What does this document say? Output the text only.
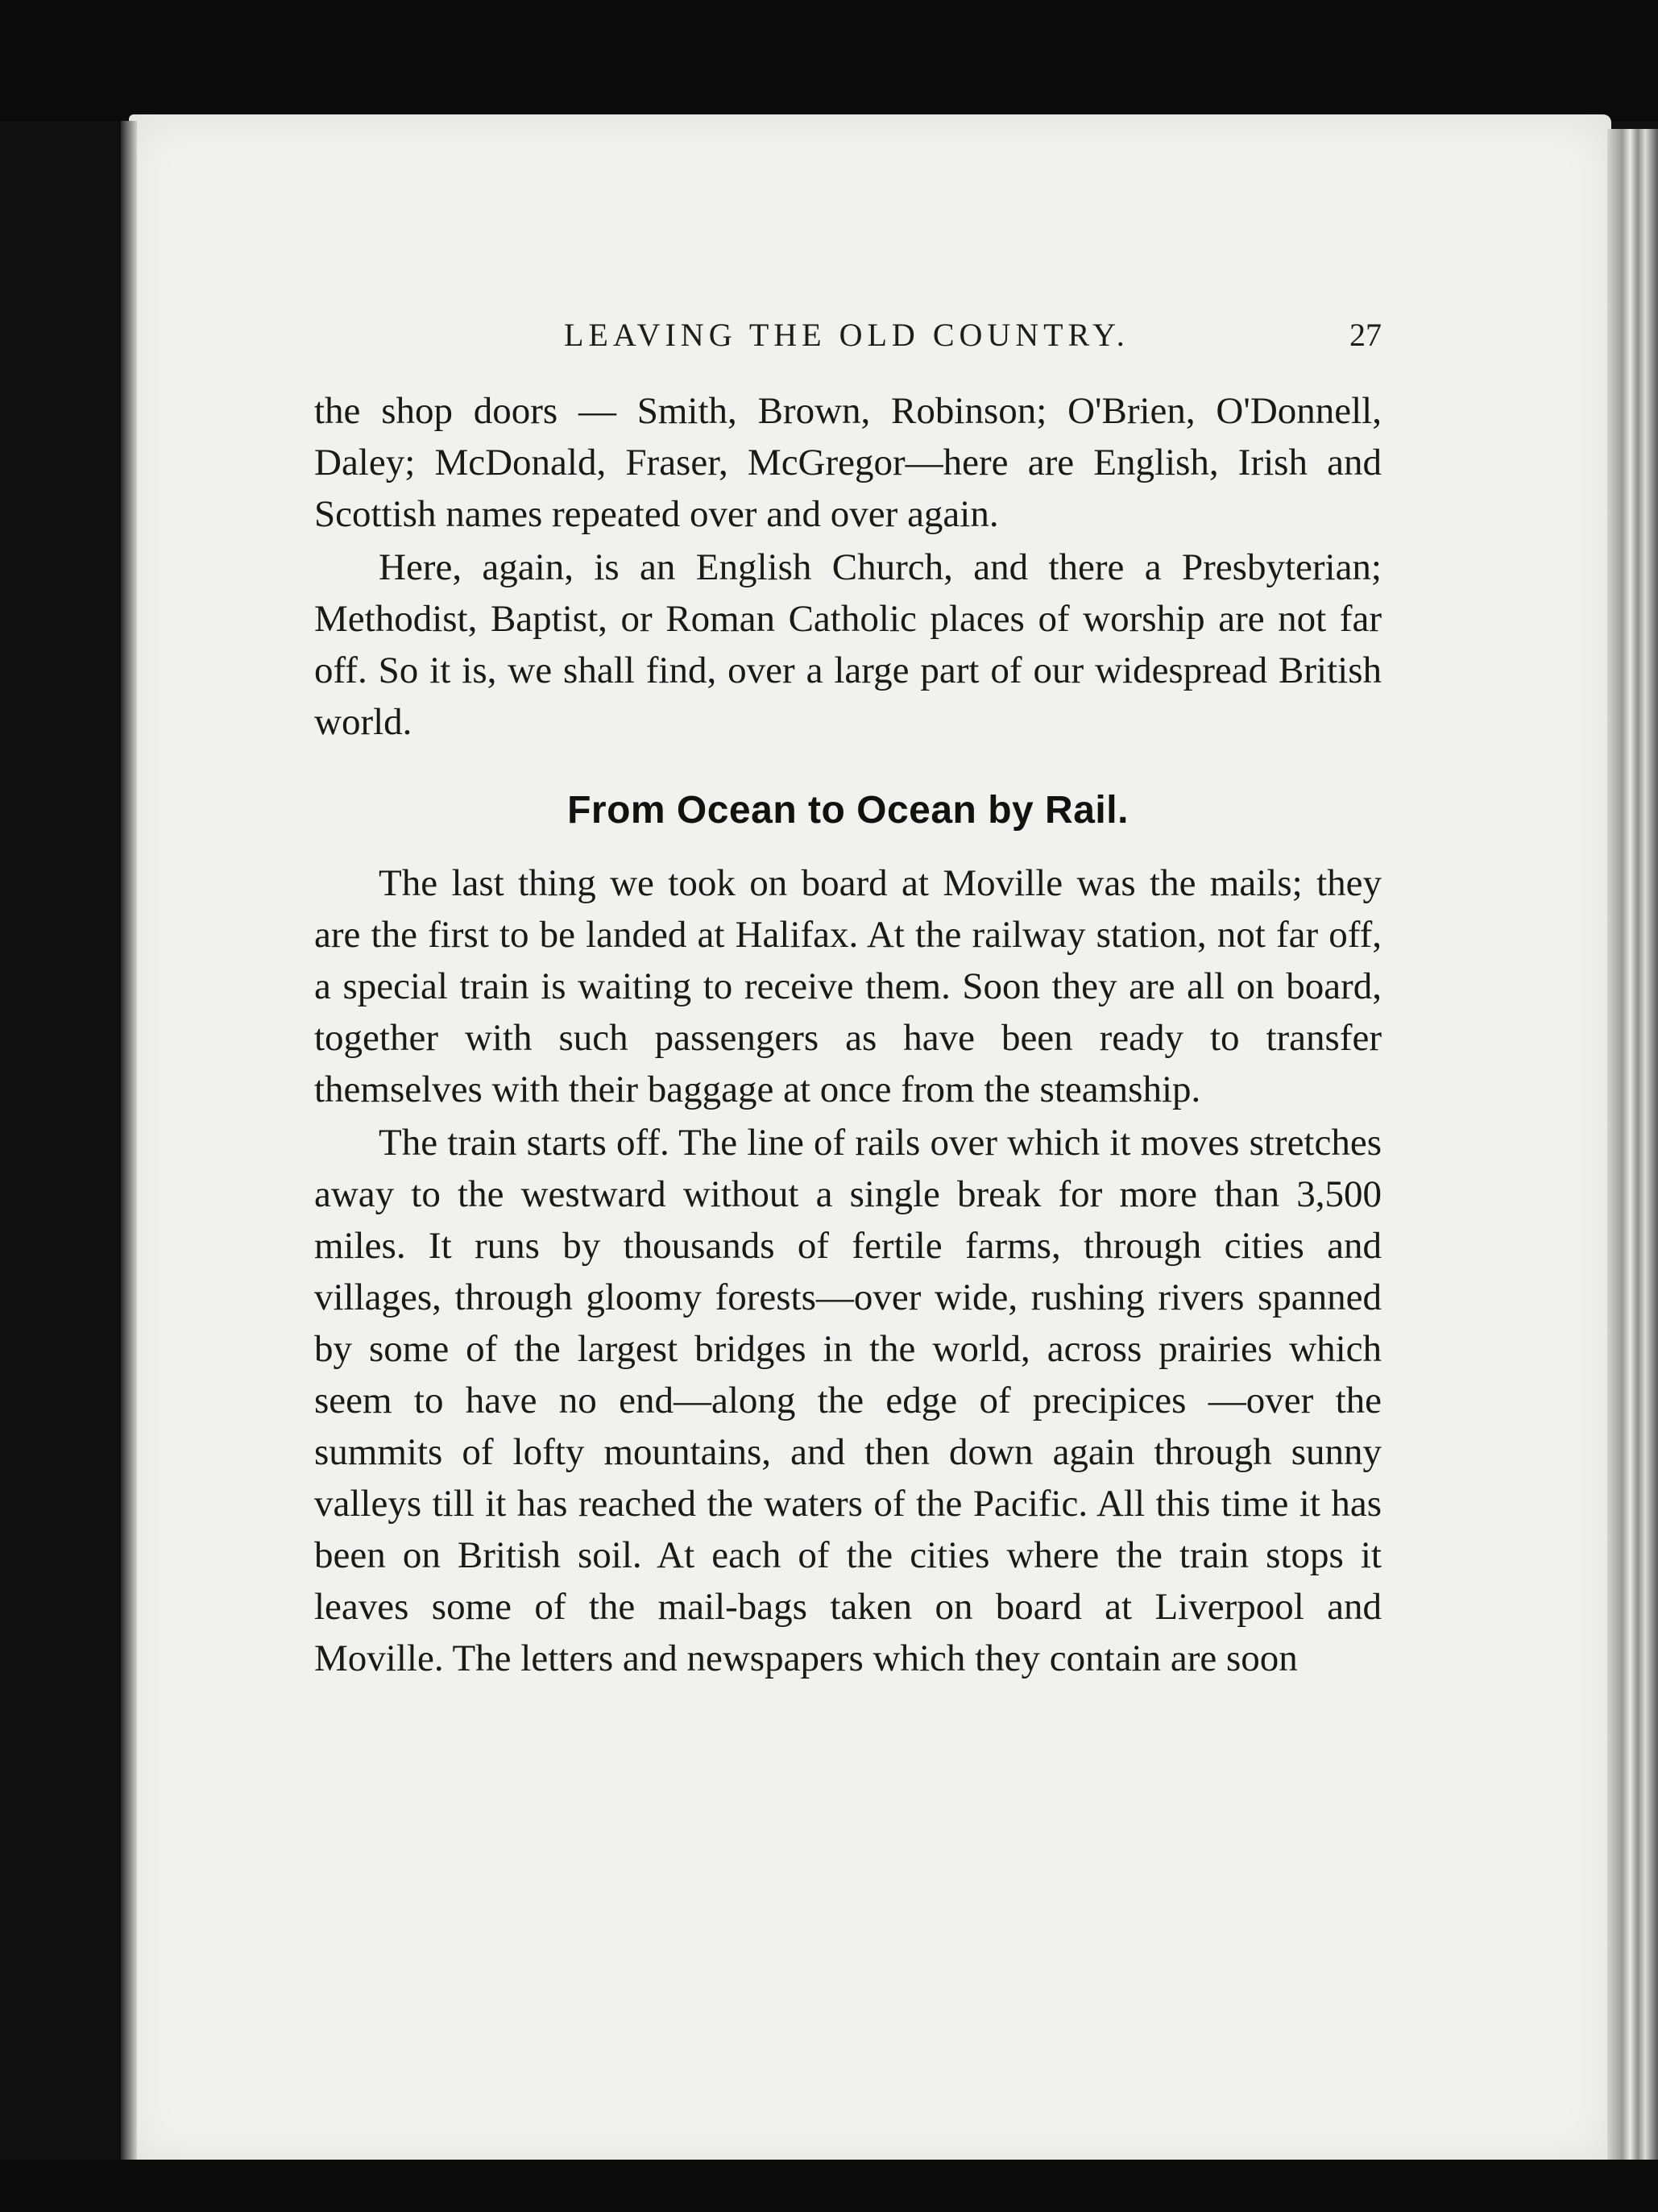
LEAVING THE OLD COUNTRY.	27

the shop doors — Smith, Brown, Robinson; O'Brien, O'Donnell, Daley; McDonald, Fraser, McGregor—here are English, Irish and Scottish names repeated over and over again.

Here, again, is an English Church, and there a Presbyterian; Methodist, Baptist, or Roman Catholic places of worship are not far off. So it is, we shall find, over a large part of our widespread British world.

From Ocean to Ocean by Rail.

The last thing we took on board at Moville was the mails; they are the first to be landed at Halifax. At the railway station, not far off, a special train is waiting to receive them. Soon they are all on board, together with such passengers as have been ready to transfer themselves with their baggage at once from the steamship.

The train starts off. The line of rails over which it moves stretches away to the westward without a single break for more than 3,500 miles. It runs by thousands of fertile farms, through cities and villages, through gloomy forests—over wide, rushing rivers spanned by some of the largest bridges in the world, across prairies which seem to have no end—along the edge of precipices —over the summits of lofty mountains, and then down again through sunny valleys till it has reached the waters of the Pacific. All this time it has been on British soil. At each of the cities where the train stops it leaves some of the mail-bags taken on board at Liverpool and Moville. The letters and newspapers which they contain are soon
